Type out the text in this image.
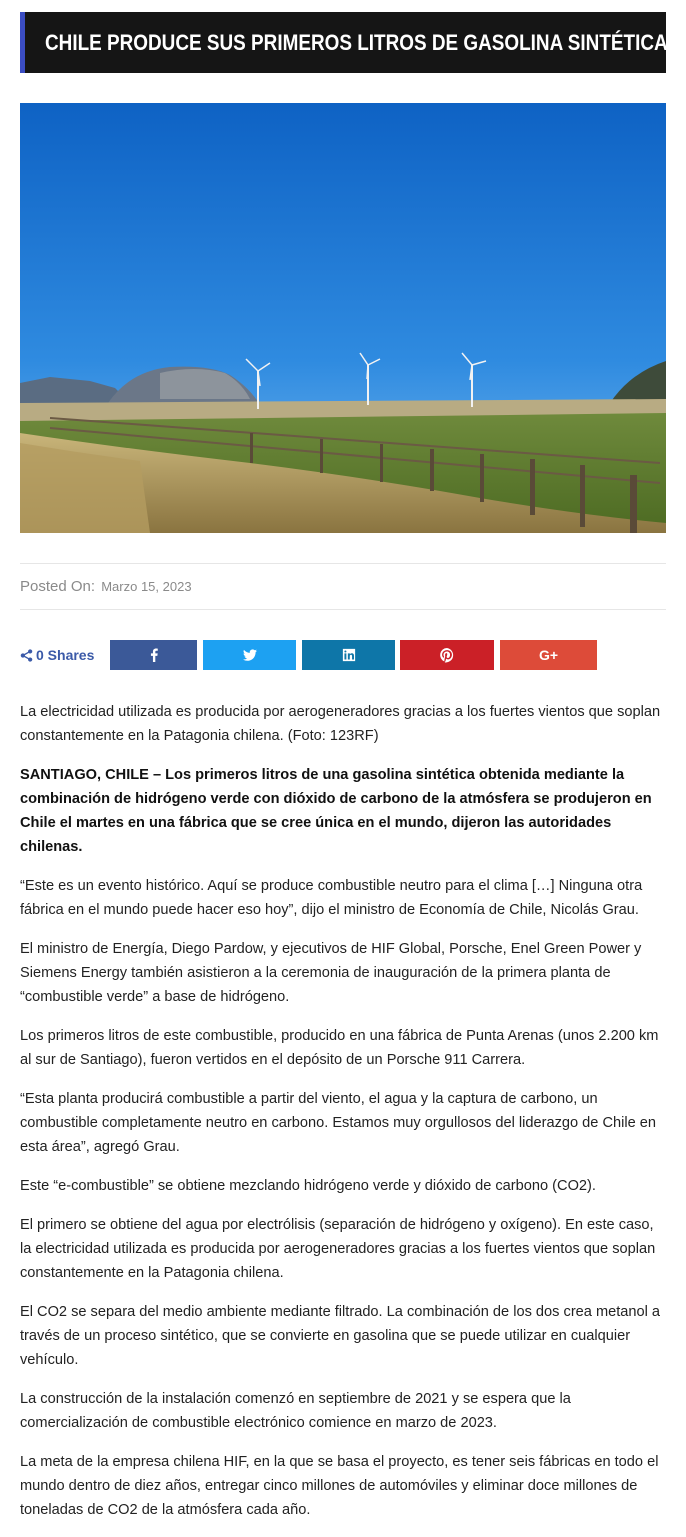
CHILE PRODUCE SUS PRIMEROS LITROS DE GASOLINA SINTÉTICA
Posted On: Marzo 15, 2023
0 Shares	G+

La electricidad utilizada es producida por aerogeneradores gracias a los fuertes vientos que soplan constantemente en la Patagonia chilena. (Foto: 123RF)

SANTIAGO, CHILE – Los primeros litros de una gasolina sintética obtenida mediante la combinación de hidrógeno verde con dióxido de carbono de la atmósfera se produjeron en Chile el martes en una fábrica que se cree única en el mundo, dijeron las autoridades chilenas.

“Este es un evento histórico. Aquí se produce combustible neutro para el clima […] Ninguna otra fábrica en el mundo puede hacer eso hoy”, dijo el ministro de Economía de Chile, Nicolás Grau.

El ministro de Energía, Diego Pardow, y ejecutivos de HIF Global, Porsche, Enel Green Power y Siemens Energy también asistieron a la ceremonia de inauguración de la primera planta de “combustible verde” a base de hidrógeno.

Los primeros litros de este combustible, producido en una fábrica de Punta Arenas (unos 2.200 km al sur de Santiago), fueron vertidos en el depósito de un Porsche 911 Carrera.

“Esta planta producirá combustible a partir del viento, el agua y la captura de carbono, un combustible completamente neutro en carbono. Estamos muy orgullosos del liderazgo de Chile en esta área”, agregó Grau.

Este “e-combustible” se obtiene mezclando hidrógeno verde y dióxido de carbono (CO2).

El primero se obtiene del agua por electrólisis (separación de hidrógeno y oxígeno). En este caso, la electricidad utilizada es producida por aerogeneradores gracias a los fuertes vientos que soplan constantemente en la Patagonia chilena.

El CO2 se separa del medio ambiente mediante filtrado. La combinación de los dos crea metanol a través de un proceso sintético, que se convierte en gasolina que se puede utilizar en cualquier vehículo.

La construcción de la instalación comenzó en septiembre de 2021 y se espera que la comercialización de combustible electrónico comience en marzo de 2023.

La meta de la empresa chilena HIF, en la que se basa el proyecto, es tener seis fábricas en todo el mundo dentro de diez años, entregar cinco millones de automóviles y eliminar doce millones de toneladas de CO2 de la atmósfera cada año.
